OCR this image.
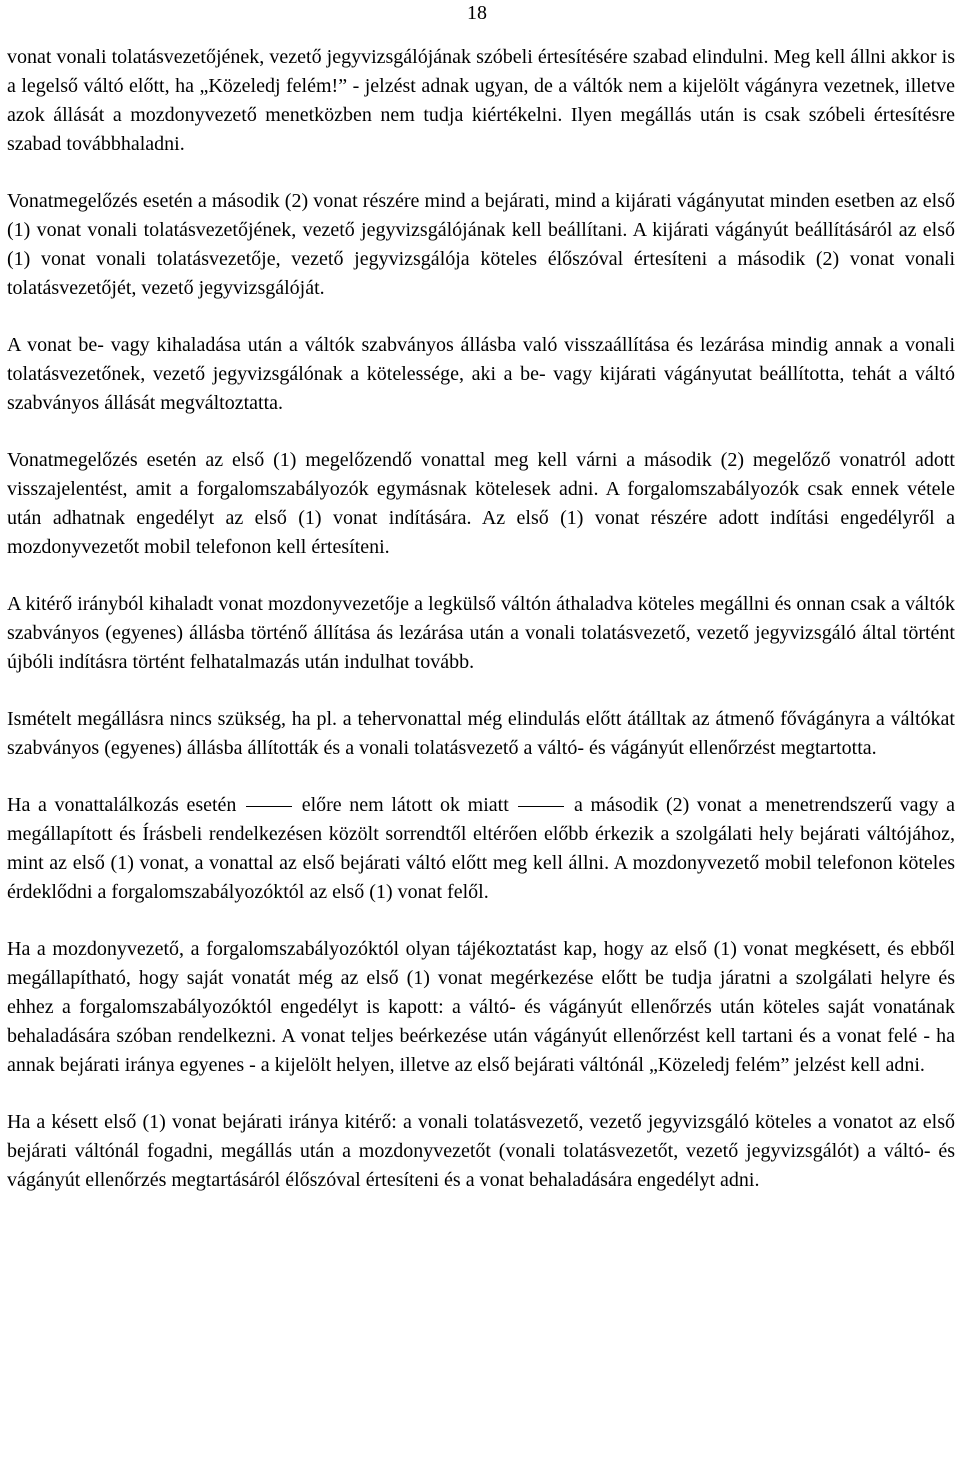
18

vonat vonali tolatásvezetőjének, vezető jegyvizsgálójának szóbeli értesítésére szabad elindulni. Meg kell állni akkor is a legelső váltó előtt, ha „Közeledj felém!” - jelzést adnak ugyan, de a váltók nem a kijelölt vágányra vezetnek, illetve azok állását a mozdonyvezető menetközben nem tudja kiértékelni. Ilyen megállás után is csak szóbeli értesítésre szabad továbbhaladni.

Vonatmegelőzés esetén a második (2) vonat részére mind a bejárati, mind a kijárati vágányutat minden esetben az első (1) vonat vonali tolatásvezetőjének, vezető jegyvizsgálójának kell beállítani. A kijárati vágányút beállításáról az első (1) vonat vonali tolatásvezetője, vezető jegyvizsgálója köteles élőszóval értesíteni a második (2) vonat vonali tolatásvezetőjét, vezető jegyvizsgálóját.

A vonat be- vagy kihaladása után a váltók szabványos állásba való visszaállítása és lezárása mindig annak a vonali tolatásvezetőnek, vezető jegyvizsgálónak a kötelessége, aki a be- vagy kijárati vágányutat beállította, tehát a váltó szabványos állását megváltoztatta.

Vonatmegelőzés esetén az első (1) megelőzendő vonattal meg kell várni a második (2) megelőző vonatról adott visszajelentést, amit a forgalomszabályozók egymásnak kötelesek adni. A forgalomszabályozók csak ennek vétele után adhatnak engedélyt az első (1) vonat indítására. Az első (1) vonat részére adott indítási engedélyről a mozdonyvezetőt mobil telefonon kell értesíteni.

A kitérő irányból kihaladt vonat mozdonyvezetője a legkülső váltón áthaladva köteles megállni és onnan csak a váltók szabványos (egyenes) állásba történő állítása ás lezárása után a vonali tolatásvezető, vezető jegyvizsgáló által történt újbóli indításra történt felhatalmazás után indulhat tovább.

Ismételt megállásra nincs szükség, ha pl. a tehervonattal még elindulás előtt átálltak az átmenő fővágányra a váltókat szabványos (egyenes) állásba állították és a vonali tolatásvezető a váltó- és vágányút ellenőrzést megtartotta.

Ha a vonattalálkozás esetén	előre nem látott ok miatt	a második (2) vonat a menetrendszerű vagy a megállapított és Írásbeli rendelkezésen közölt sorrendtől eltérően előbb érkezik a szolgálati hely bejárati váltójához, mint az első (1) vonat, a vonattal az első bejárati váltó előtt meg kell állni. A mozdonyvezető mobil telefonon köteles érdeklődni a forgalomszabályozóktól az első (1) vonat felől.

Ha a mozdonyvezető, a forgalomszabályozóktól olyan tájékoztatást kap, hogy az első (1) vonat megkésett, és ebből megállapítható, hogy saját vonatát még az első (1) vonat megérkezése előtt be tudja járatni a szolgálati helyre és ehhez a forgalomszabályozóktól engedélyt is kapott: a váltó- és vágányút ellenőrzés után köteles saját vonatának behaladására szóban rendelkezni. A vonat teljes beérkezése után vágányút ellenőrzést kell tartani és a vonat felé - ha annak bejárati iránya egyenes - a kijelölt helyen, illetve az első bejárati váltónál „Közeledj felém” jelzést kell adni.

Ha a késett első (1) vonat bejárati iránya kitérő: a vonali tolatásvezető, vezető jegyvizsgáló köteles a vonatot az első bejárati váltónál fogadni, megállás után a mozdonyvezetőt (vonali tolatásvezetőt, vezető jegyvizsgálót) a váltó- és vágányút ellenőrzés megtartásáról élőszóval értesíteni és a vonat behaladására engedélyt adni.
